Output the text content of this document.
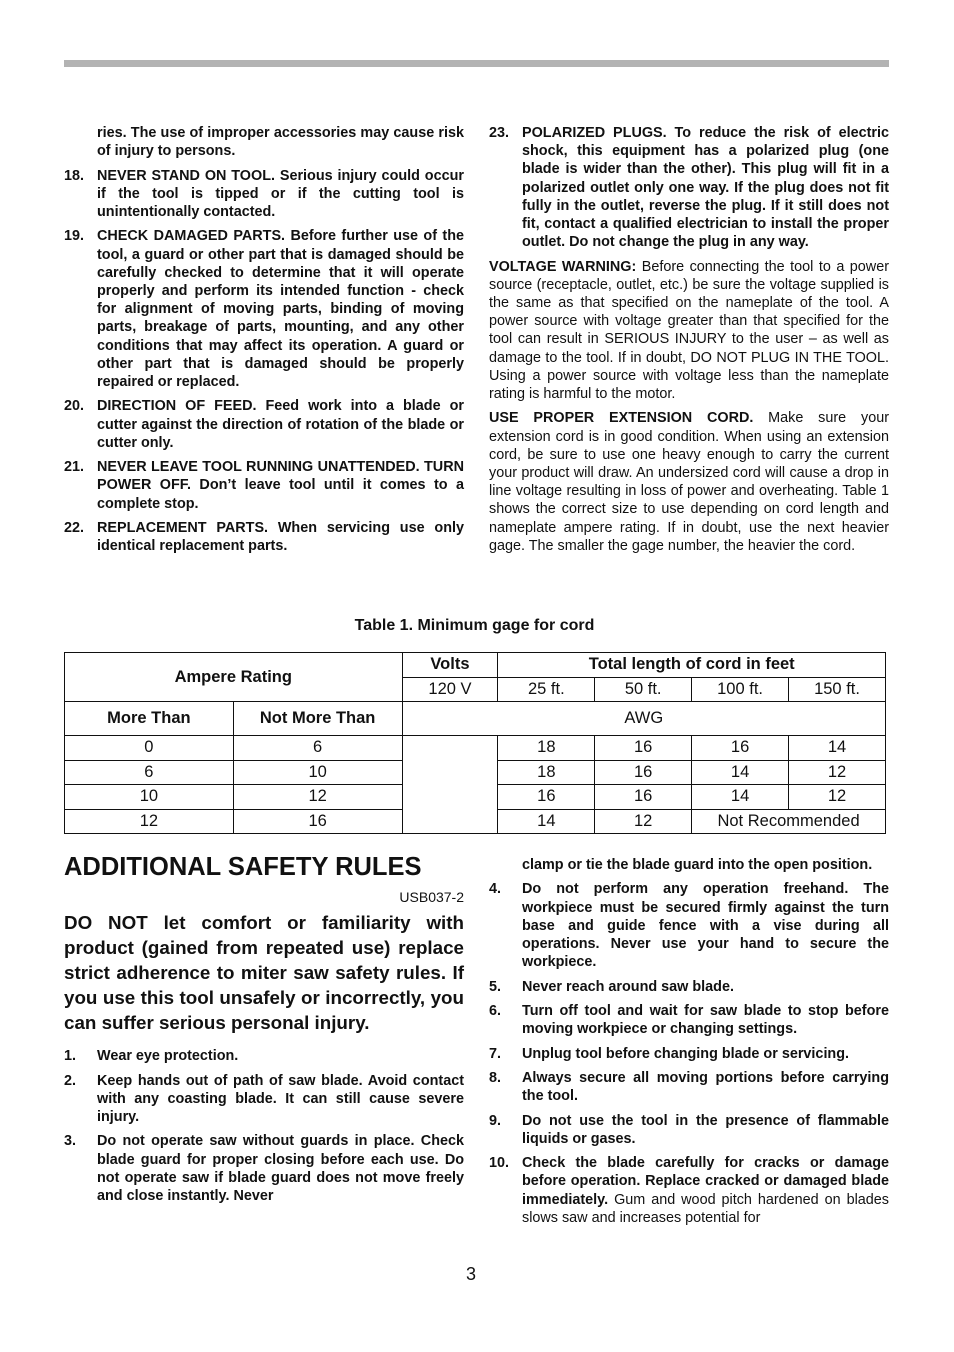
ries. The use of improper accessories may cause risk of injury to persons.
18. NEVER STAND ON TOOL. Serious injury could occur if the tool is tipped or if the cutting tool is unintentionally contacted.
19. CHECK DAMAGED PARTS. Before further use of the tool, a guard or other part that is damaged should be carefully checked to determine that it will operate properly and perform its intended function - check for alignment of moving parts, binding of moving parts, breakage of parts, mounting, and any other conditions that may affect its operation. A guard or other part that is damaged should be properly repaired or replaced.
20. DIRECTION OF FEED. Feed work into a blade or cutter against the direction of rotation of the blade or cutter only.
21. NEVER LEAVE TOOL RUNNING UNATTENDED. TURN POWER OFF. Don’t leave tool until it comes to a complete stop.
22. REPLACEMENT PARTS. When servicing use only identical replacement parts.
23. POLARIZED PLUGS. To reduce the risk of electric shock, this equipment has a polarized plug (one blade is wider than the other). This plug will fit in a polarized outlet only one way. If the plug does not fit fully in the outlet, reverse the plug. If it still does not fit, contact a qualified electrician to install the proper outlet. Do not change the plug in any way.
VOLTAGE WARNING: Before connecting the tool to a power source (receptacle, outlet, etc.) be sure the voltage supplied is the same as that specified on the nameplate of the tool. A power source with voltage greater than that specified for the tool can result in SERIOUS INJURY to the user – as well as damage to the tool. If in doubt, DO NOT PLUG IN THE TOOL. Using a power source with voltage less than the nameplate rating is harmful to the motor.
USE PROPER EXTENSION CORD. Make sure your extension cord is in good condition. When using an extension cord, be sure to use one heavy enough to carry the current your product will draw. An undersized cord will cause a drop in line voltage resulting in loss of power and overheating. Table 1 shows the correct size to use depending on cord length and nameplate ampere rating. If in doubt, use the next heavier gage. The smaller the gage number, the heavier the cord.
Table 1. Minimum gage for cord
Ampere Rating		Volts	Total length of cord in feet			
		120 V	25 ft.	50 ft.	100 ft.	150 ft.
More Than	Not More Than	AWG				
0	6		18	16	16	14
6	10		18	16	14	12
10	12		16	16	14	12
12	16		14	12	Not Recommended	
ADDITIONAL SAFETY RULES
USB037-2
DO NOT let comfort or familiarity with product (gained from repeated use) replace strict adherence to miter saw safety rules. If you use this tool unsafely or incorrectly, you can suffer serious personal injury.
1.	Wear eye protection.
2.	Keep hands out of path of saw blade. Avoid contact with any coasting blade. It can still cause severe injury.
3.	Do not operate saw without guards in place. Check blade guard for proper closing before each use. Do not operate saw if blade guard does not move freely and close instantly. Never
clamp or tie the blade guard into the open position.
4.	Do not perform any operation freehand. The workpiece must be secured firmly against the turn base and guide fence with a vise during all operations. Never use your hand to secure the workpiece.
5.	Never reach around saw blade.
6.	Turn off tool and wait for saw blade to stop before moving workpiece or changing settings.
7.	Unplug tool before changing blade or servicing.
8.	Always secure all moving portions before carrying the tool.
9.	Do not use the tool in the presence of flammable liquids or gases.
10. Check the blade carefully for cracks or damage before operation. Replace cracked or damaged blade immediately. Gum and wood pitch hardened on blades slows saw and increases potential for
3
